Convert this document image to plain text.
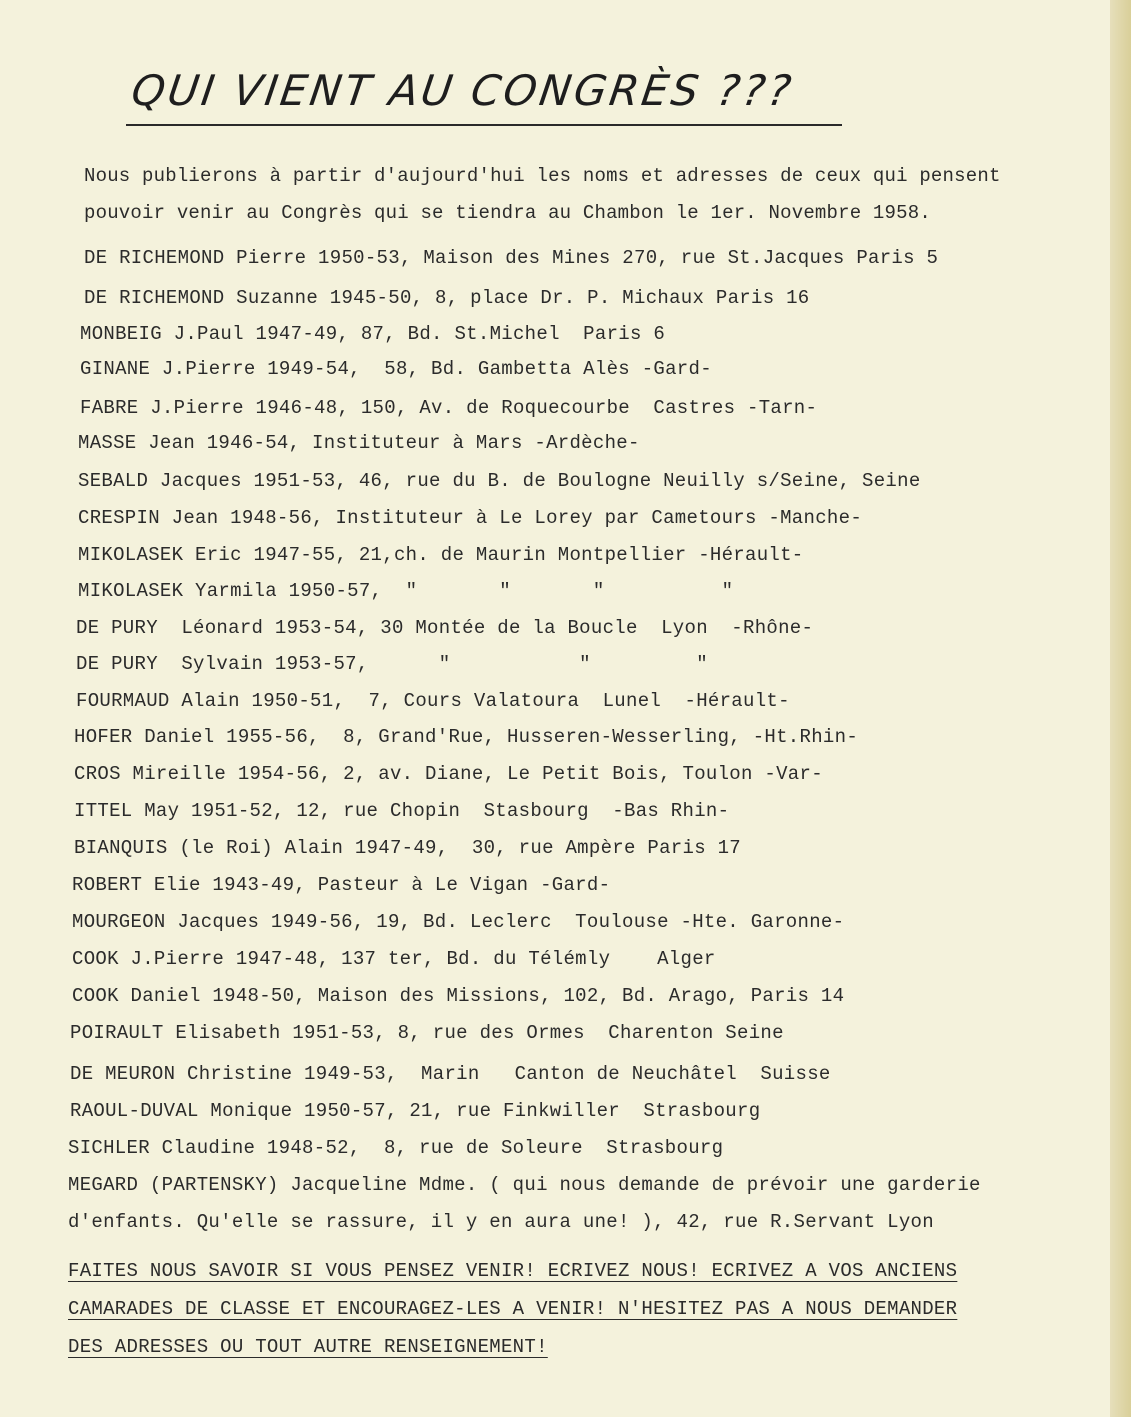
QUI VIENT AU CONGRÈS ???
Nous publierons à partir d'aujourd'hui les noms et adresses de ceux qui pensent
pouvoir venir au Congrès qui se tiendra au Chambon le 1er. Novembre 1958.
DE RICHEMOND Pierre 1950-53, Maison des Mines 270, rue St.Jacques Paris 5
DE RICHEMOND Suzanne 1945-50, 8, place Dr. P. Michaux Paris 16
MONBEIG J.Paul 1947-49, 87, Bd. St.Michel  Paris 6
GINANE J.Pierre 1949-54,  58, Bd. Gambetta Alès -Gard-
FABRE J.Pierre 1946-48, 150, Av. de Roquecourbe  Castres -Tarn-
MASSE Jean 1946-54, Instituteur à Mars -Ardèche-
SEBALD Jacques 1951-53, 46, rue du B. de Boulogne Neuilly s/Seine, Seine
CRESPIN Jean 1948-56, Instituteur à Le Lorey par Cametours -Manche-
MIKOLASEK Eric 1947-55, 21,ch. de Maurin Montpellier -Hérault-
MIKOLASEK Yarmila 1950-57,  "       "       "          "
DE PURY  Léonard 1953-54, 30 Montée de la Boucle  Lyon  -Rhône-
DE PURY  Sylvain 1953-57,      "           "         "
FOURMAUD Alain 1950-51,  7, Cours Valatoura  Lunel  -Hérault-
HOFER Daniel 1955-56,  8, Grand'Rue, Husseren-Wesserling, -Ht.Rhin-
CROS Mireille 1954-56, 2, av. Diane, Le Petit Bois, Toulon -Var-
ITTEL May 1951-52, 12, rue Chopin  Stasbourg  -Bas Rhin-
BIANQUIS (le Roi) Alain 1947-49,  30, rue Ampère Paris 17
ROBERT Elie 1943-49, Pasteur à Le Vigan -Gard-
MOURGEON Jacques 1949-56, 19, Bd. Leclerc  Toulouse -Hte. Garonne-
COOK J.Pierre 1947-48, 137 ter, Bd. du Télémly    Alger
COOK Daniel 1948-50, Maison des Missions, 102, Bd. Arago, Paris 14
POIRAULT Elisabeth 1951-53, 8, rue des Ormes  Charenton Seine
DE MEURON Christine 1949-53,  Marin   Canton de Neuchâtel  Suisse
RAOUL-DUVAL Monique 1950-57, 21, rue Finkwiller  Strasbourg
SICHLER Claudine 1948-52,  8, rue de Soleure  Strasbourg
MEGARD (PARTENSKY) Jacqueline Mdme. ( qui nous demande de prévoir une garderie
d'enfants. Qu'elle se rassure, il y en aura une! ), 42, rue R.Servant Lyon
FAITES NOUS SAVOIR SI VOUS PENSEZ VENIR! ECRIVEZ NOUS! ECRIVEZ A VOS ANCIENS
CAMARADES DE CLASSE ET ENCOURAGEZ-LES A VENIR! N'HESITEZ PAS A NOUS DEMANDER
DES ADRESSES OU TOUT AUTRE RENSEIGNEMENT!
